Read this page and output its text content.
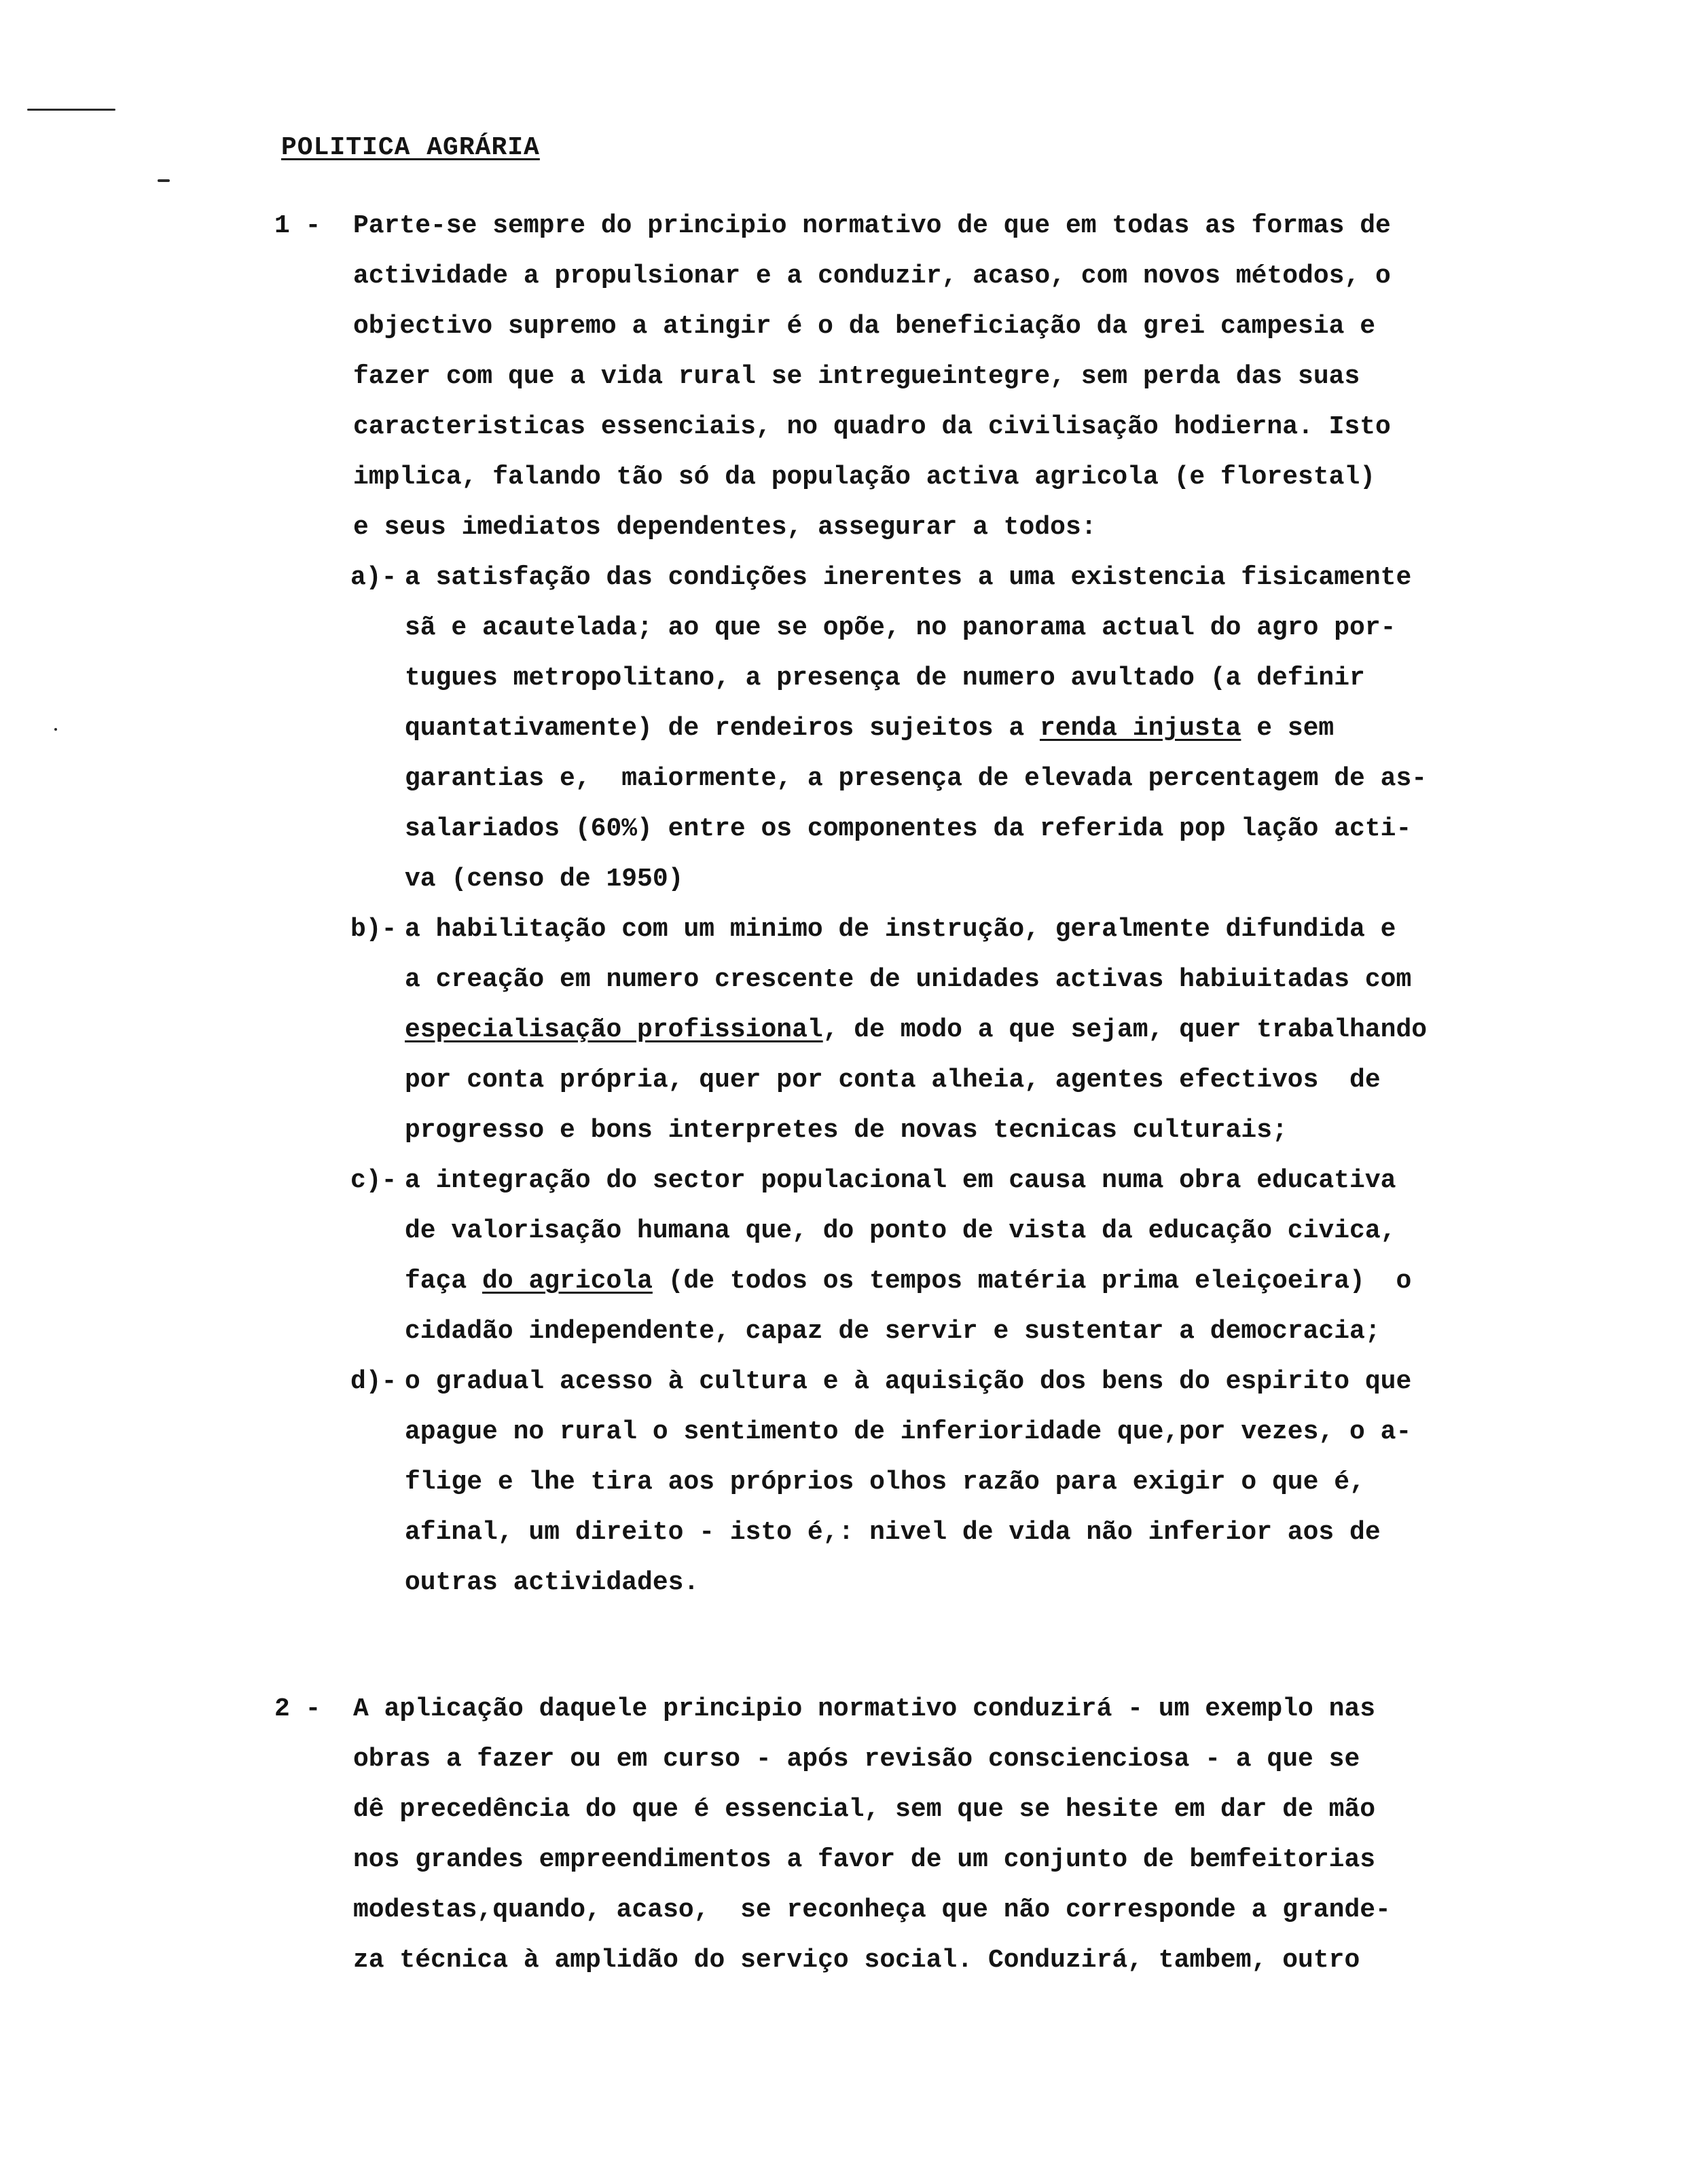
POLITICA AGRÁRIA
1 -	Parte-se sempre do principio normativo de que em todas as formas de
actividade a propulsionar e a conduzir, acaso, com novos métodos, o
objectivo supremo a atingir é o da beneficiação da grei campesia e
fazer com que a vida rural se intregueintegre, sem perda das suas
caracteristicas essenciais, no quadro da civilisação hodierna. Isto
implica, falando tão só da população activa agricola (e florestal)
e seus imediatos dependentes, assegurar a todos:
a)- a satisfação das condições inerentes a uma existencia fisicamente
sã e acautelada; ao que se opõe, no panorama actual do agro por-
tugues metropolitano, a presença de numero avultado (a definir
quantativamente) de rendeiros sujeitos a renda injusta e sem
garantias e,  maiormente, a presença de elevada percentagem de as-
salariados (60%) entre os componentes da referida pop lação acti-
va (censo de 1950)
b)- a habilitação com um minimo de instrução, geralmente difundida e
a creação em numero crescente de unidades activas habiuitadas com
especialisação profissional, de modo a que sejam, quer trabalhando
por conta própria, quer por conta alheia, agentes efectivos  de
progresso e bons interpretes de novas tecnicas culturais;
c)- a integração do sector populacional em causa numa obra educativa
de valorisação humana que, do ponto de vista da educação civica,
faça do agricola (de todos os tempos matéria prima eleiçoeira)  o
cidadão independente, capaz de servir e sustentar a democracia;
d)- o gradual acesso à cultura e à aquisição dos bens do espirito que
apague no rural o sentimento de inferioridade que,por vezes, o a-
flige e lhe tira aos próprios olhos razão para exigir o que é,
afinal, um direito - isto é,: nivel de vida não inferior aos de
outras actividades.
2 -	A aplicação daquele principio normativo conduzirá - um exemplo nas
obras a fazer ou em curso - após revisão conscienciosa - a que se
dê precedência do que é essencial, sem que se hesite em dar de mão
nos grandes empreendimentos a favor de um conjunto de bemfeitorias
modestas,quando, acaso,  se reconheça que não corresponde a grande-
za técnica à amplidão do serviço social. Conduzirá, tambem, outro
